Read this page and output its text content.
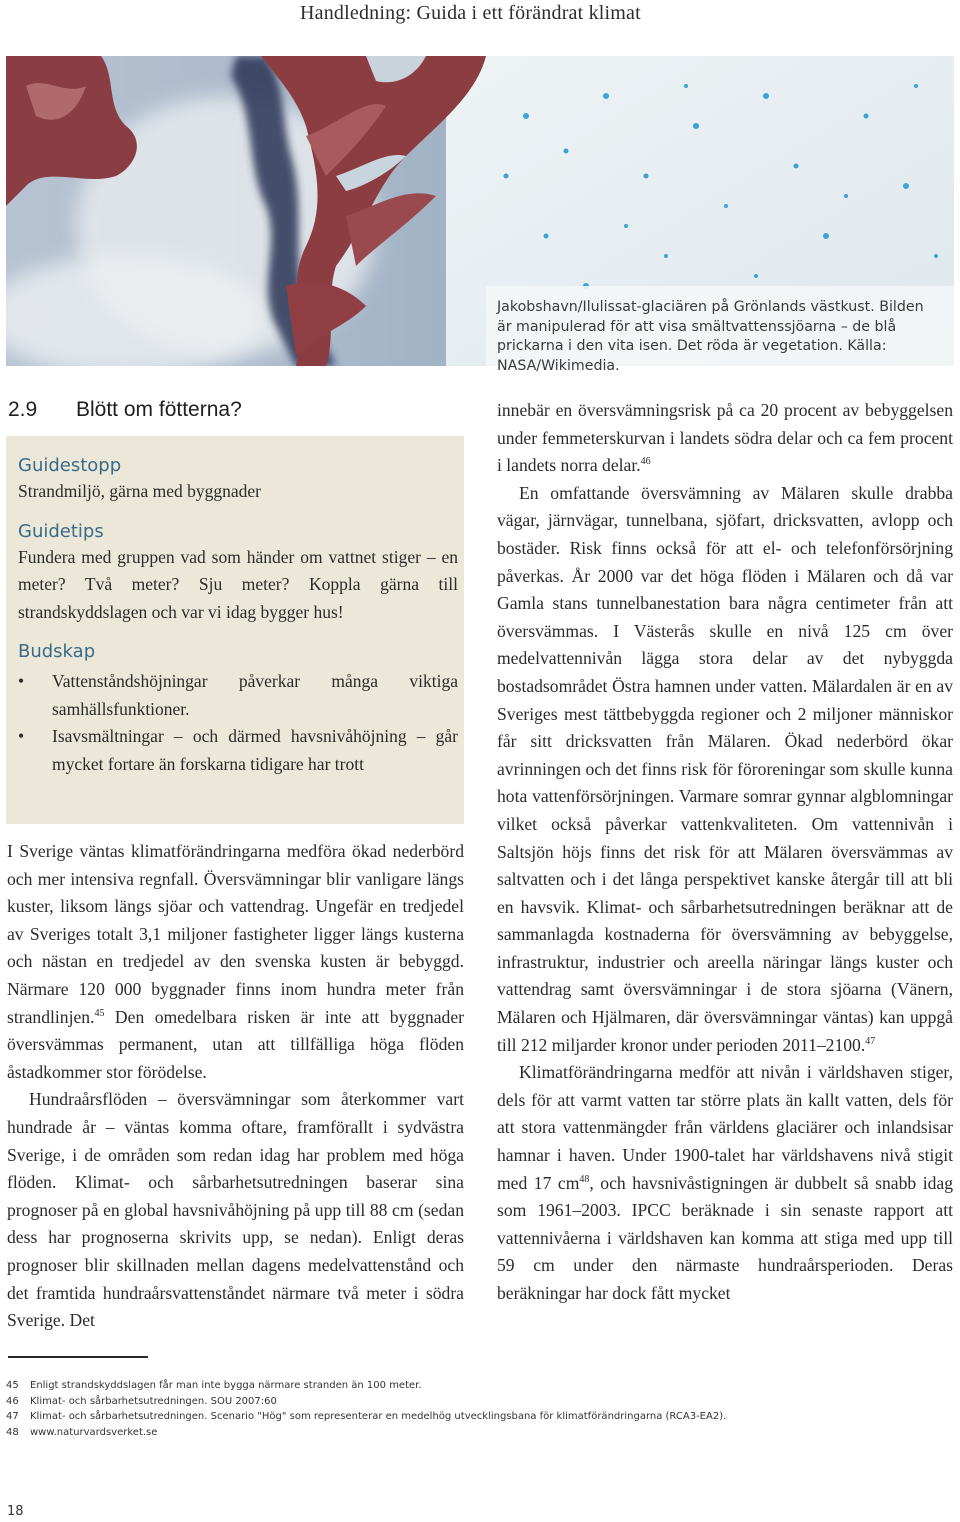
Handledning: Guida i ett förändrat klimat
Jakobshavn/Ilulissat-glaciären på Grönlands västkust. Bilden är manipulerad för att visa smältvattenssjöarna – de blå prickarna i den vita isen. Det röda är vegetation. Källa: NASA/Wikimedia.
2.9 Blött om fötterna?
Guidestopp
Strandmiljö, gärna med byggnader
Guidetips
Fundera med gruppen vad som händer om vattnet stiger – en meter? Två meter? Sju meter? Koppla gärna till strandskyddslagen och var vi idag bygger hus!
Budskap
• Vattenståndshöjningar påverkar många viktiga samhällsfunktioner.
• Isavsmältningar – och därmed havsnivåhöjning – går mycket fortare än forskarna tidigare har trott

I Sverige väntas klimatförändringarna medföra ökad nederbörd och mer intensiva regnfall. Översvämningar blir vanligare längs kuster, liksom längs sjöar och vattendrag. Ungefär en tredjedel av Sveriges totalt 3,1 miljoner fastigheter ligger längs kusterna och nästan en tredjedel av den svenska kusten är bebyggd. Närmare 120 000 byggnader finns inom hundra meter från strandlinjen.$^{45}$ Den omedelbara risken är inte att byggnader översvämmas permanent, utan att tillfälliga höga flöden åstadkommer stor förödelse.

Hundraårsflöden – översvämningar som återkommer vart hundrade år – väntas komma oftare, framförallt i sydvästra Sverige, i de områden som redan idag har problem med höga flöden. Klimat- och sårbarhetsutredningen baserar sina prognoser på en global havsnivåhöjning på upp till 88 cm (sedan dess har prognoserna skrivits upp, se nedan). Enligt deras prognoser blir skillnaden mellan dagens medelvattenstånd och det framtida hundraårsvattenståndet närmare två meter i södra Sverige. Det

innebär en översvämningsrisk på ca 20 procent av bebyggelsen under femmeterskurvan i landets södra delar och ca fem procent i landets norra delar.$^{46}$

En omfattande översvämning av Mälaren skulle drabba vägar, järnvägar, tunnelbana, sjöfart, dricksvatten, avlopp och bostäder. Risk finns också för att el- och telefonförsörjning påverkas. År 2000 var det höga flöden i Mälaren och då var Gamla stans tunnelbanestation bara några centimeter från att översvämmas. I Västerås skulle en nivå 125 cm över medelvattennivån lägga stora delar av det nybyggda bostadsområdet Östra hamnen under vatten. Mälardalen är en av Sveriges mest tättbebyggda regioner och 2 miljoner människor får sitt dricksvatten från Mälaren. Ökad nederbörd ökar avrinningen och det finns risk för föroreningar som skulle kunna hota vattenförsörjningen. Varmare somrar gynnar algblomningar vilket också påverkar vattenkvaliteten. Om vattennivån i Saltsjön höjs finns det risk för att Mälaren översvämmas av saltvatten och i det långa perspektivet kanske återgår till att bli en havsvik. Klimat- och sårbarhetsutredningen beräknar att de sammanlagda kostnaderna för översvämning av bebyggelse, infrastruktur, industrier och areella näringar längs kuster och vattendrag samt översvämningar i de stora sjöarna (Vänern, Mälaren och Hjälmaren, där översvämningar väntas) kan uppgå till 212 miljarder kronor under perioden 2011–2100.47

Klimatförändringarna medför att nivån i världshaven stiger, dels för att varmt vatten tar större plats än kallt vatten, dels för att stora vattenmängder från världens glaciärer och inlandsisar hamnar i haven. Under 1900-talet har världshavens nivå stigit med 17 $cm^{48}$, och havsnivåstigningen är dubbelt så snabb idag som 1961–2003. IPCC beräknade i sin senaste rapport att vattennivåerna i världshaven kan komma att stiga med upp till 59 cm under den närmaste hundraårsperioden. Deras beräkningar har dock fått mycket

45 Enligt strandskyddslagen får man inte bygga närmare stranden än 100 meter.
46 Klimat- och sårbarhetsutredningen. SOU 2007:60
47 Klimat- och sårbarhetsutredningen. Scenario "Hög" som representerar en medelhög utvecklingsbana för klimatförändringarna (RCA3-EA2).
48 www.naturvardsverket.se
18
